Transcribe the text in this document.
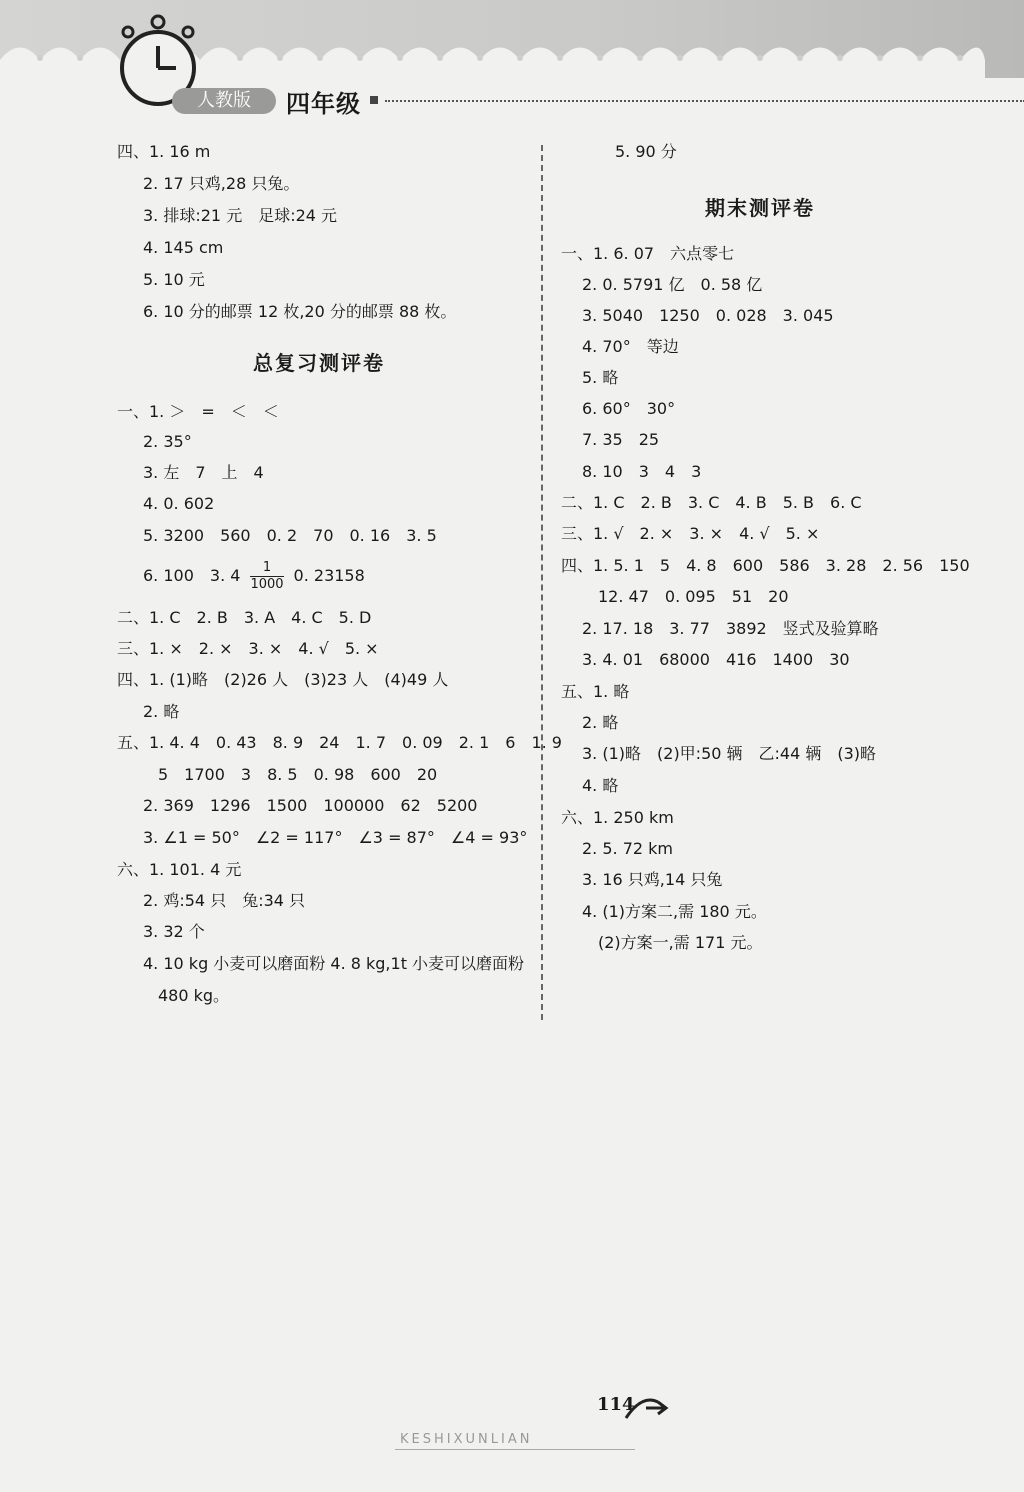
人教版	四年级
四、1. 16 m
2. 17 只鸡,28 只兔。
3. 排球:21 元　足球:24 元
4. 145 cm
5. 10 元
6. 10 分的邮票 12 枚,20 分的邮票 88 枚。
总复习测评卷
一、1. ＞　=　＜　＜
2. 35°
3. 左　7　上　4
4. 0. 602
5. 3200　560　0. 2　70　0. 16　3. 5
6. 100　3. $4 \frac{1}{1000} 0$. 23158
二、1. C　2. B　3. A　4. C　5. D
三、1. ×　2. ×　3. ×　4. √　5. ×
四、1. (1)略　(2)26 人　(3)23 人　(4)49 人
2. 略
五、1. 4. 4　0. 43　8. 9　24　1. 7　0. 09　2. 1　6　1. 9
5　1700　3　8. 5　0. 98　600　20
2. 369　1296　1500　100000　62　5200
3. ∠1 = 50°　∠2 = 117°　∠3 = 87°　∠4 = 93°
六、1. 101. 4 元
2. 鸡:54 只　兔:34 只
3. 32 个
4. 10 kg 小麦可以磨面粉 4. 8 kg,1t 小麦可以磨面粉
480 kg。
5. 90 分
期末测评卷
一、1. 6. 07　六点零七
2. 0. 5791 亿　0. 58 亿
3. 5040　1250　0. 028　3. 045
4. 70°　等边
5. 略
6. 60°　30°
7. 35　25
8. 10　3　4　3
二、1. C　2. B　3. C　4. B　5. B　6. C
三、1. √　2. ×　3. ×　4. √　5. ×
四、1. 5. 1　5　4. 8　600　586　3. 28　2. 56　150
12. 47　0. 095　51　20
2. 17. 18　3. 77　3892　竖式及验算略
3. 4. 01　68000　416　1400　30
五、1. 略
2. 略
3. (1)略　(2)甲:50 辆　乙:44 辆　(3)略
4. 略
六、1. 250 km
2. 5. 72 km
3. 16 只鸡,14 只兔
4. (1)方案二,需 180 元。
(2)方案一,需 171 元。
KESHIXUNLIAN
114
